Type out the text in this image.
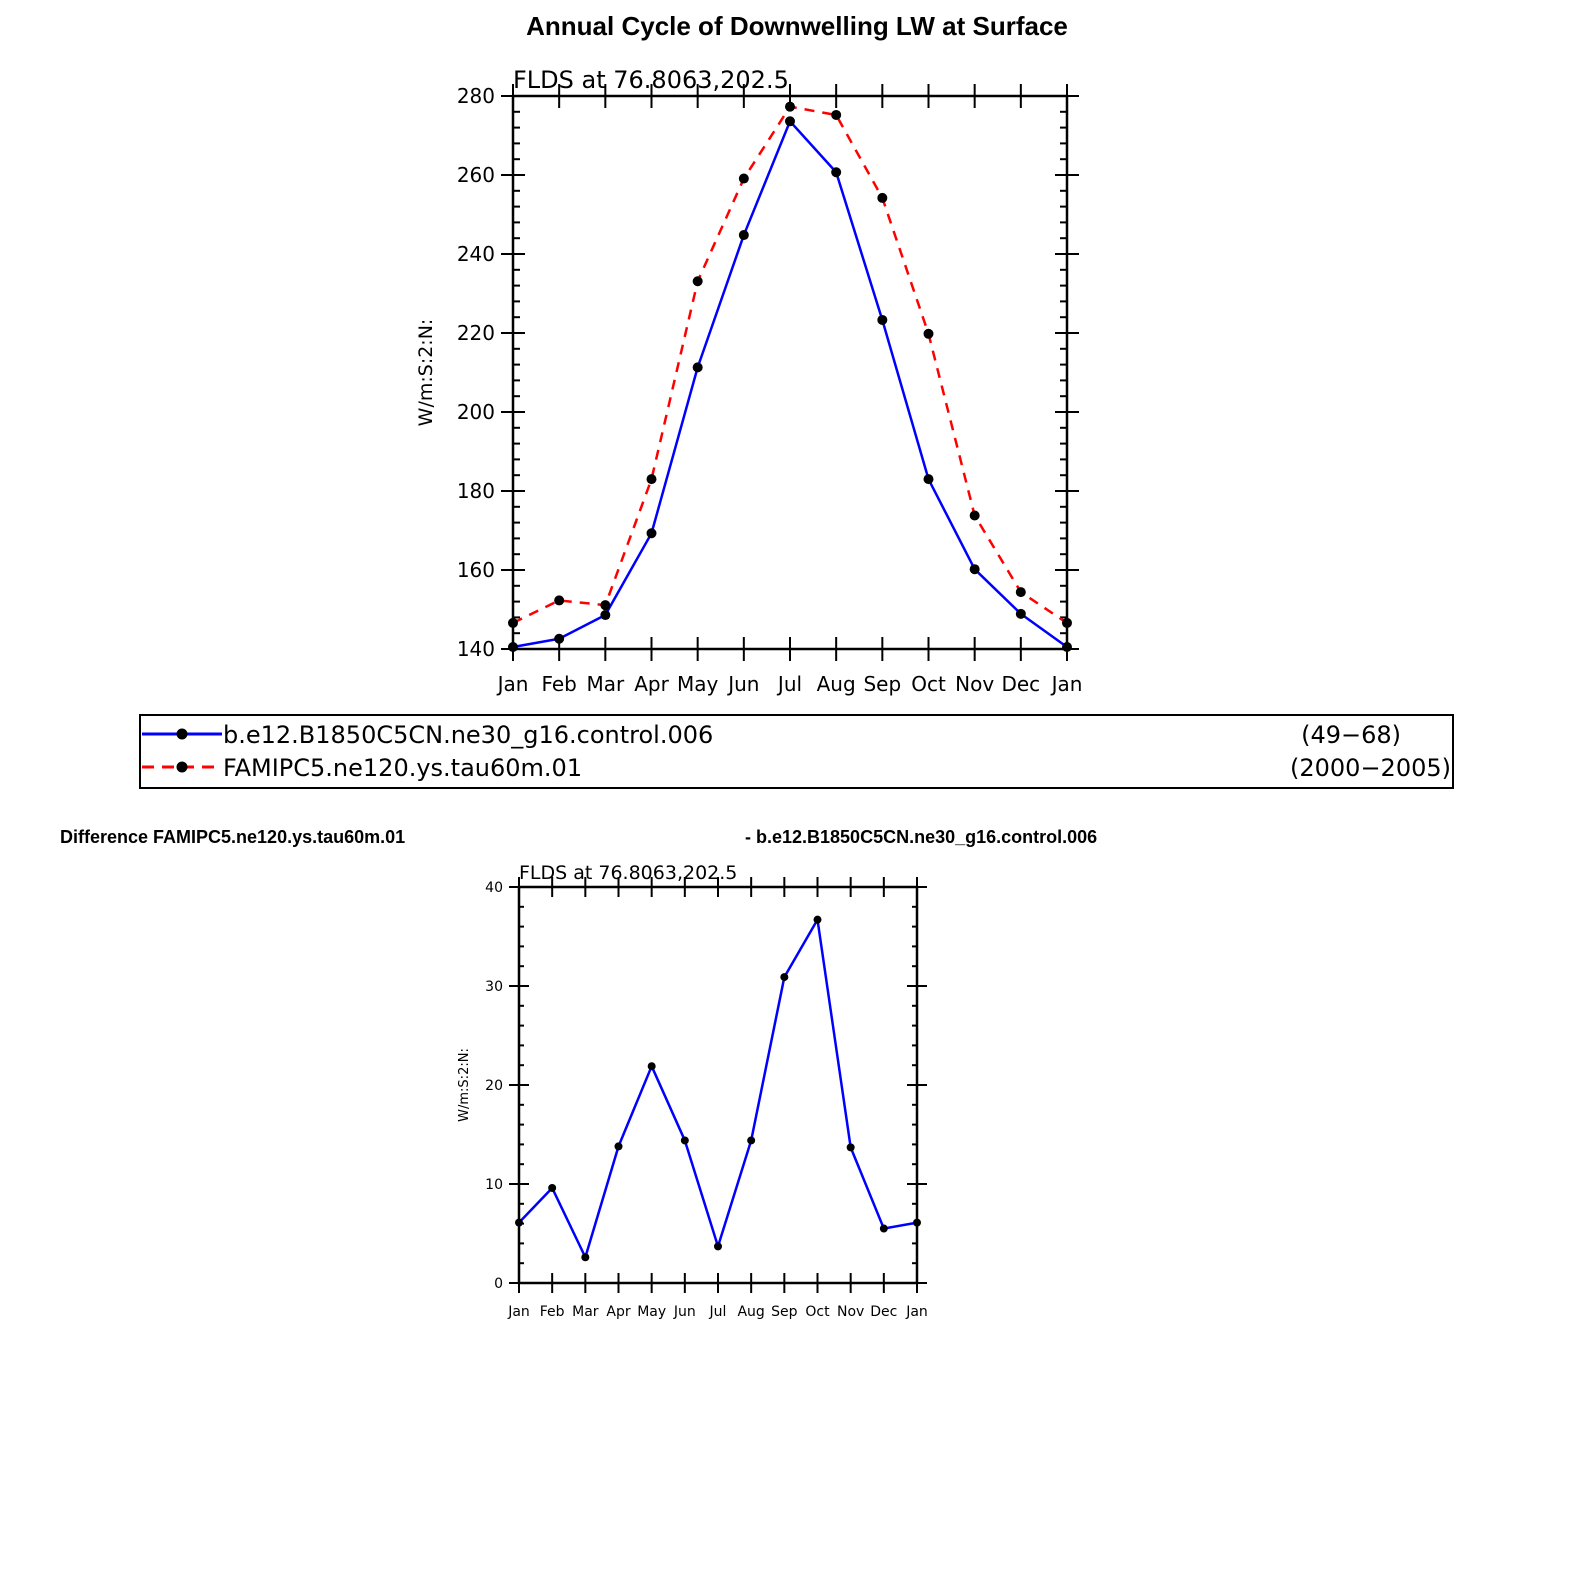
Annual Cycle of Downwelling LW at Surface
FLDS at 76.8063,202.5
W/m:S:2:N:
Jan Feb Mar Apr May Jun Jul Aug Sep Oct Nov Dec Jan
140
160
180
200
220
240
260
280
b.e12.B1850C5CN.ne30_g16.control.006	(49−68)
FAMIPC5.ne120.ys.tau60m.01	(2000−2005)
Difference FAMIPC5.ne120.ys.tau60m.01	- b.e12.B1850C5CN.ne30_g16.control.006
FLDS at 76.8063,202.5
W/m:S:2:N:
Jan Feb Mar Apr May Jun Jul Aug Sep Oct Nov Dec Jan
0
10
20
30
40
